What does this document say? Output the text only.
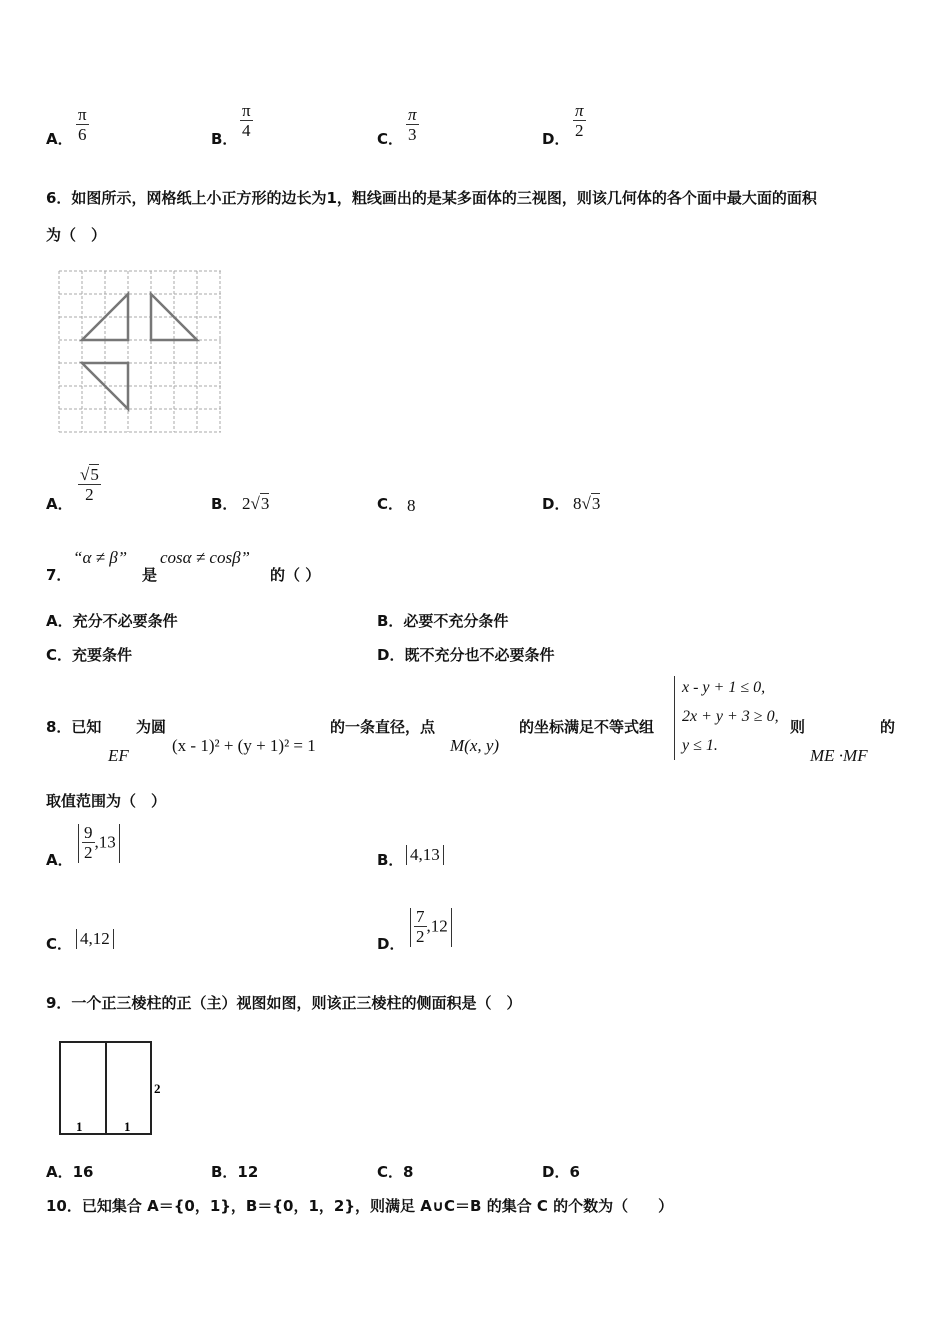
A． $\frac{\pi}{6}$	B． $\frac{\pi}{4}$	C． $\frac{\pi}{3}$	D． $\frac{\pi}{2}$
6．如图所示，网格纸上小正方形的边长为1，粗线画出的是某多面体的三视图，则该几何体的各个面中最大面的面积
为（　）
A． $\frac{√5}{2}$	B． 2√3	C． 8	D． 8√3
7．
“α ≠ β”
是
cosα ≠ cosβ”
的（ ）
A．充分不必要条件	B．必要不充分条件
C．充要条件	D．既不充分也不必要条件
8．已知
EF
为圆
(x - 1)² + (y + 1)² = 1
的一条直径，点
M(x, y)
的坐标满足不等式组
x - y + 1 ≤ 0,
2x + y + 3 ≥ 0,
y ≤ 1.
则
ME ·MF
的
取值范围为（　）
A． $\frac{9}{2} ,13$
B． 4,13
C． 4,12	D． $\frac{7}{2} ,12$
9．一个正三棱柱的正（主）视图如图，则该正三棱柱的侧面积是（　）
1	1
2
A．16	B．12	C．8	D．6
10．已知集合 A＝{0，1}，B＝{0，1，2}，则满足 A∪C＝B 的集合 C 的个数为（　　）
